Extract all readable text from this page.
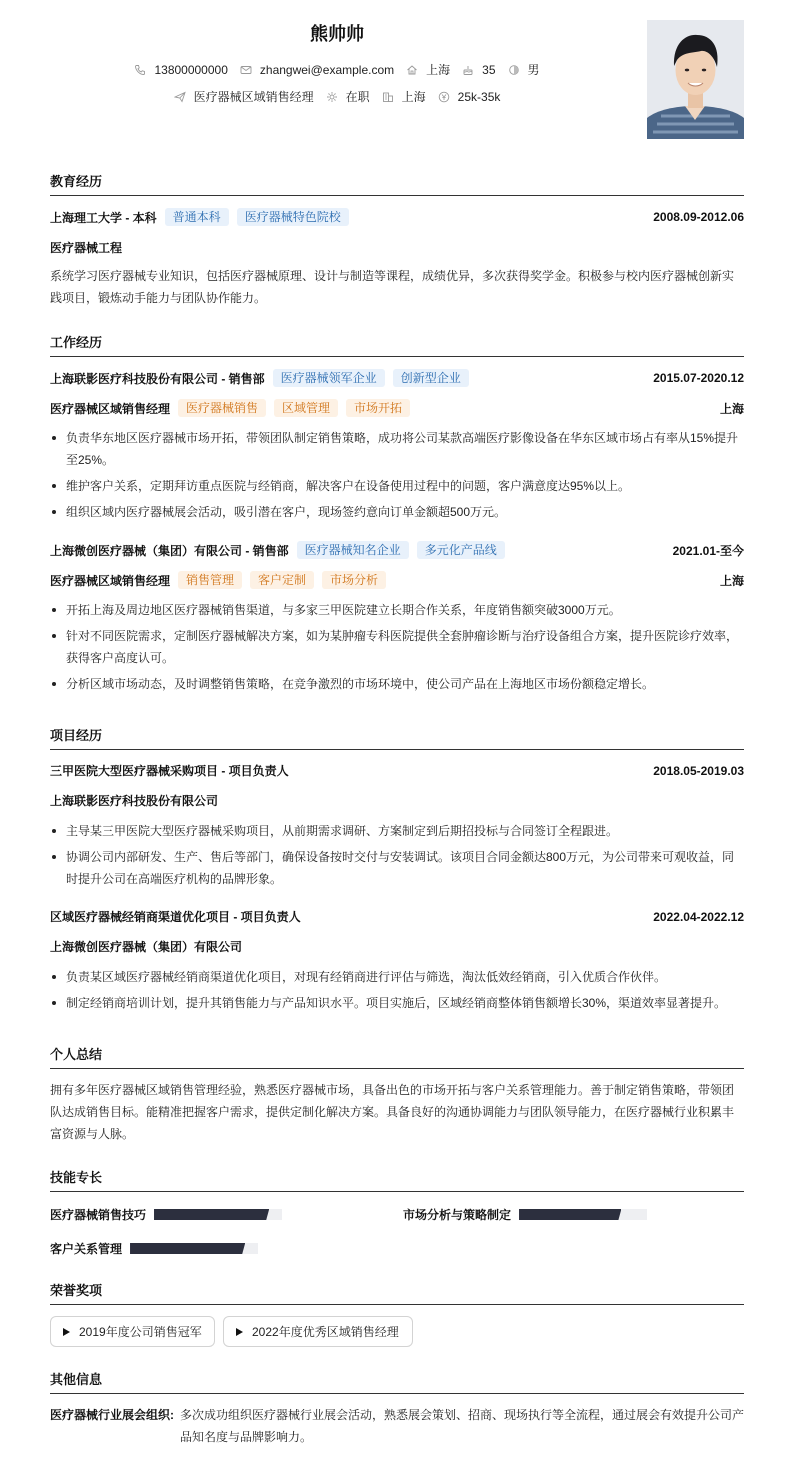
熊帅帅
13800000000	zhangwei@example.com	上海	35	男
医疗器械区域销售经理	在职	上海	25k-35k
教育经历
上海理工大学 - 本科	普通本科	医疗器械特色院校	2008.09-2012.06
医疗器械工程
系统学习医疗器械专业知识，包括医疗器械原理、设计与制造等课程，成绩优异，多次获得奖学金。积极参与校内医疗器械创新实践项目，锻炼动手能力与团队协作能力。
工作经历
上海联影医疗科技股份有限公司 - 销售部	医疗器械领军企业	创新型企业	2015.07-2020.12
医疗器械区域销售经理	医疗器械销售	区域管理	市场开拓	上海
负责华东地区医疗器械市场开拓，带领团队制定销售策略，成功将公司某款高端医疗影像设备在华东区域市场占有率从15%提升至25%。
维护客户关系，定期拜访重点医院与经销商，解决客户在设备使用过程中的问题，客户满意度达95%以上。
组织区域内医疗器械展会活动，吸引潜在客户，现场签约意向订单金额超500万元。
上海微创医疗器械（集团）有限公司 - 销售部	医疗器械知名企业	多元化产品线	2021.01-至今
医疗器械区域销售经理	销售管理	客户定制	市场分析	上海
开拓上海及周边地区医疗器械销售渠道，与多家三甲医院建立长期合作关系，年度销售额突破3000万元。
针对不同医院需求，定制医疗器械解决方案，如为某肿瘤专科医院提供全套肿瘤诊断与治疗设备组合方案，提升医院诊疗效率，获得客户高度认可。
分析区域市场动态，及时调整销售策略，在竞争激烈的市场环境中，使公司产品在上海地区市场份额稳定增长。
项目经历
三甲医院大型医疗器械采购项目 - 项目负责人	2018.05-2019.03
上海联影医疗科技股份有限公司
主导某三甲医院大型医疗器械采购项目，从前期需求调研、方案制定到后期招投标与合同签订全程跟进。
协调公司内部研发、生产、售后等部门，确保设备按时交付与安装调试。该项目合同金额达800万元，为公司带来可观收益，同时提升公司在高端医疗机构的品牌形象。
区域医疗器械经销商渠道优化项目 - 项目负责人	2022.04-2022.12
上海微创医疗器械（集团）有限公司
负责某区域医疗器械经销商渠道优化项目，对现有经销商进行评估与筛选，淘汰低效经销商，引入优质合作伙伴。
制定经销商培训计划，提升其销售能力与产品知识水平。项目实施后，区域经销商整体销售额增长30%，渠道效率显著提升。
个人总结
拥有多年医疗器械区域销售管理经验，熟悉医疗器械市场，具备出色的市场开拓与客户关系管理能力。善于制定销售策略，带领团队达成销售目标。能精准把握客户需求，提供定制化解决方案。具备良好的沟通协调能力与团队领导能力，在医疗器械行业积累丰富资源与人脉。
技能专长
医疗器械销售技巧	市场分析与策略制定
客户关系管理
荣誉奖项
2019年度公司销售冠军	2022年度优秀区域销售经理
其他信息
医疗器械行业展会组织: 多次成功组织医疗器械行业展会活动，熟悉展会策划、招商、现场执行等全流程，通过展会有效提升公司产品知名度与品牌影响力。
